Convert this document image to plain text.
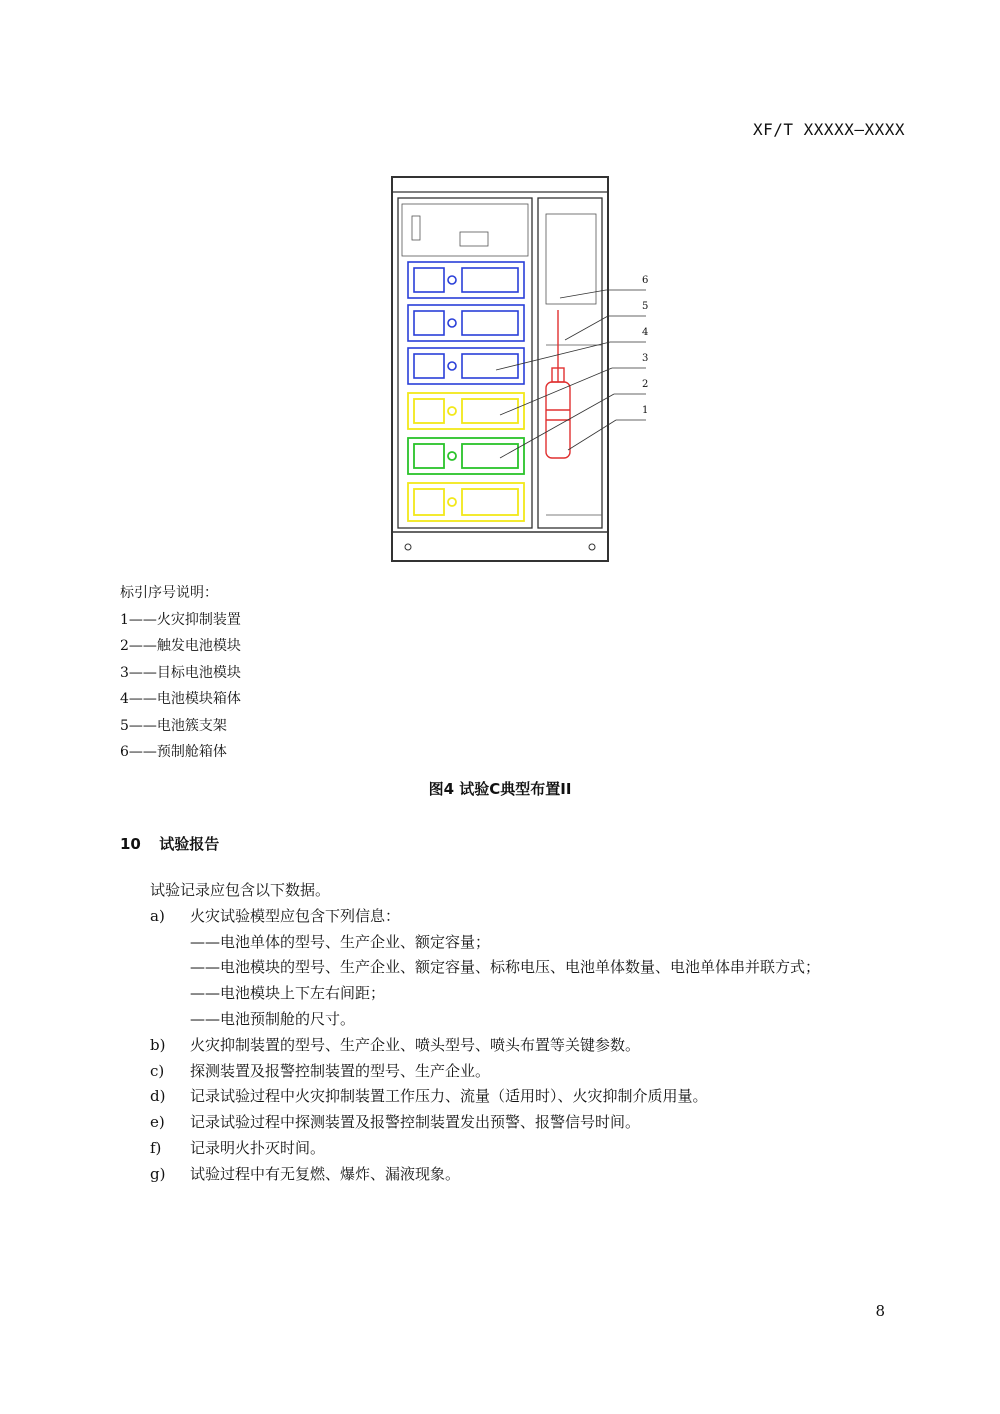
XF/T XXXXX—XXXX
6
5
4
3
2
1
标引序号说明：
1——火灾抑制装置
2——触发电池模块
3——目标电池模块
4——电池模块箱体
5——电池簇支架
6——预制舱箱体
图4 试验C典型布置II
10 试验报告
试验记录应包含以下数据。
a) 火灾试验模型应包含下列信息：
——电池单体的型号、生产企业、额定容量；
——电池模块的型号、生产企业、额定容量、标称电压、电池单体数量、电池单体串并联方式；
——电池模块上下左右间距；
——电池预制舱的尺寸。
b) 火灾抑制装置的型号、生产企业、喷头型号、喷头布置等关键参数。
c) 探测装置及报警控制装置的型号、生产企业。
d) 记录试验过程中火灾抑制装置工作压力、流量（适用时）、火灾抑制介质用量。
e) 记录试验过程中探测装置及报警控制装置发出预警、报警信号时间。
f) 记录明火扑灭时间。
g) 试验过程中有无复燃、爆炸、漏液现象。
8
